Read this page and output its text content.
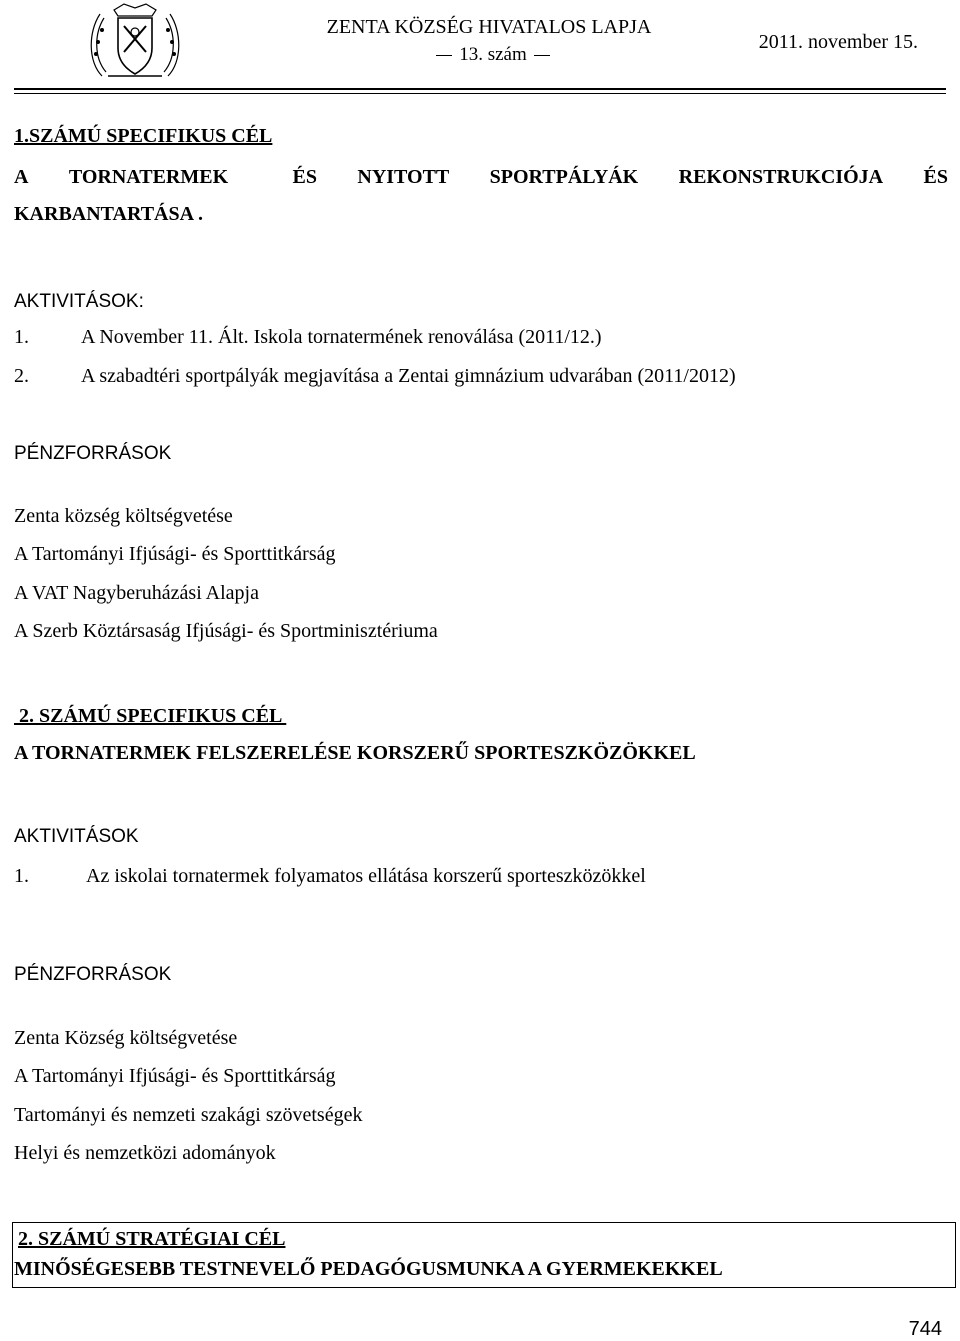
ZENTA KÖZSÉG HIVATALOS LAPJA
13. szám
2011. november 15.
1.SZÁMÚ SPECIFIKUS CÉL
A TORNATERMEK	ÉS NYITOTT SPORTPÁLYÁK REKONSTRUKCIÓJA ÉS
KARBANTARTÁSA .
AKTIVITÁSOK:
1.	A November 11. Ált. Iskola tornatermének renoválása (2011/12.)
2.	A szabadtéri sportpályák megjavítása a Zentai gimnázium udvarában (2011/2012)
PÉNZFORRÁSOK
Zenta község költségvetése
A Tartományi Ifjúsági- és Sporttitkárság
A VAT Nagyberuházási Alapja
A Szerb Köztársaság Ifjúsági- és Sportminisztériuma
2. SZÁMÚ SPECIFIKUS CÉL
A TORNATERMEK FELSZERELÉSE KORSZERŰ SPORTESZKÖZÖKKEL
AKTIVITÁSOK
1.	Az iskolai tornatermek folyamatos ellátása korszerű sporteszközökkel
PÉNZFORRÁSOK
Zenta Község költségvetése
A Tartományi Ifjúsági- és Sporttitkárság
Tartományi és nemzeti szakági szövetségek
Helyi és nemzetközi adományok
2. SZÁMÚ STRATÉGIAI CÉL
MINŐSÉGESEBB TESTNEVELŐ PEDAGÓGUSMUNKA A GYERMEKEKKEL
744
